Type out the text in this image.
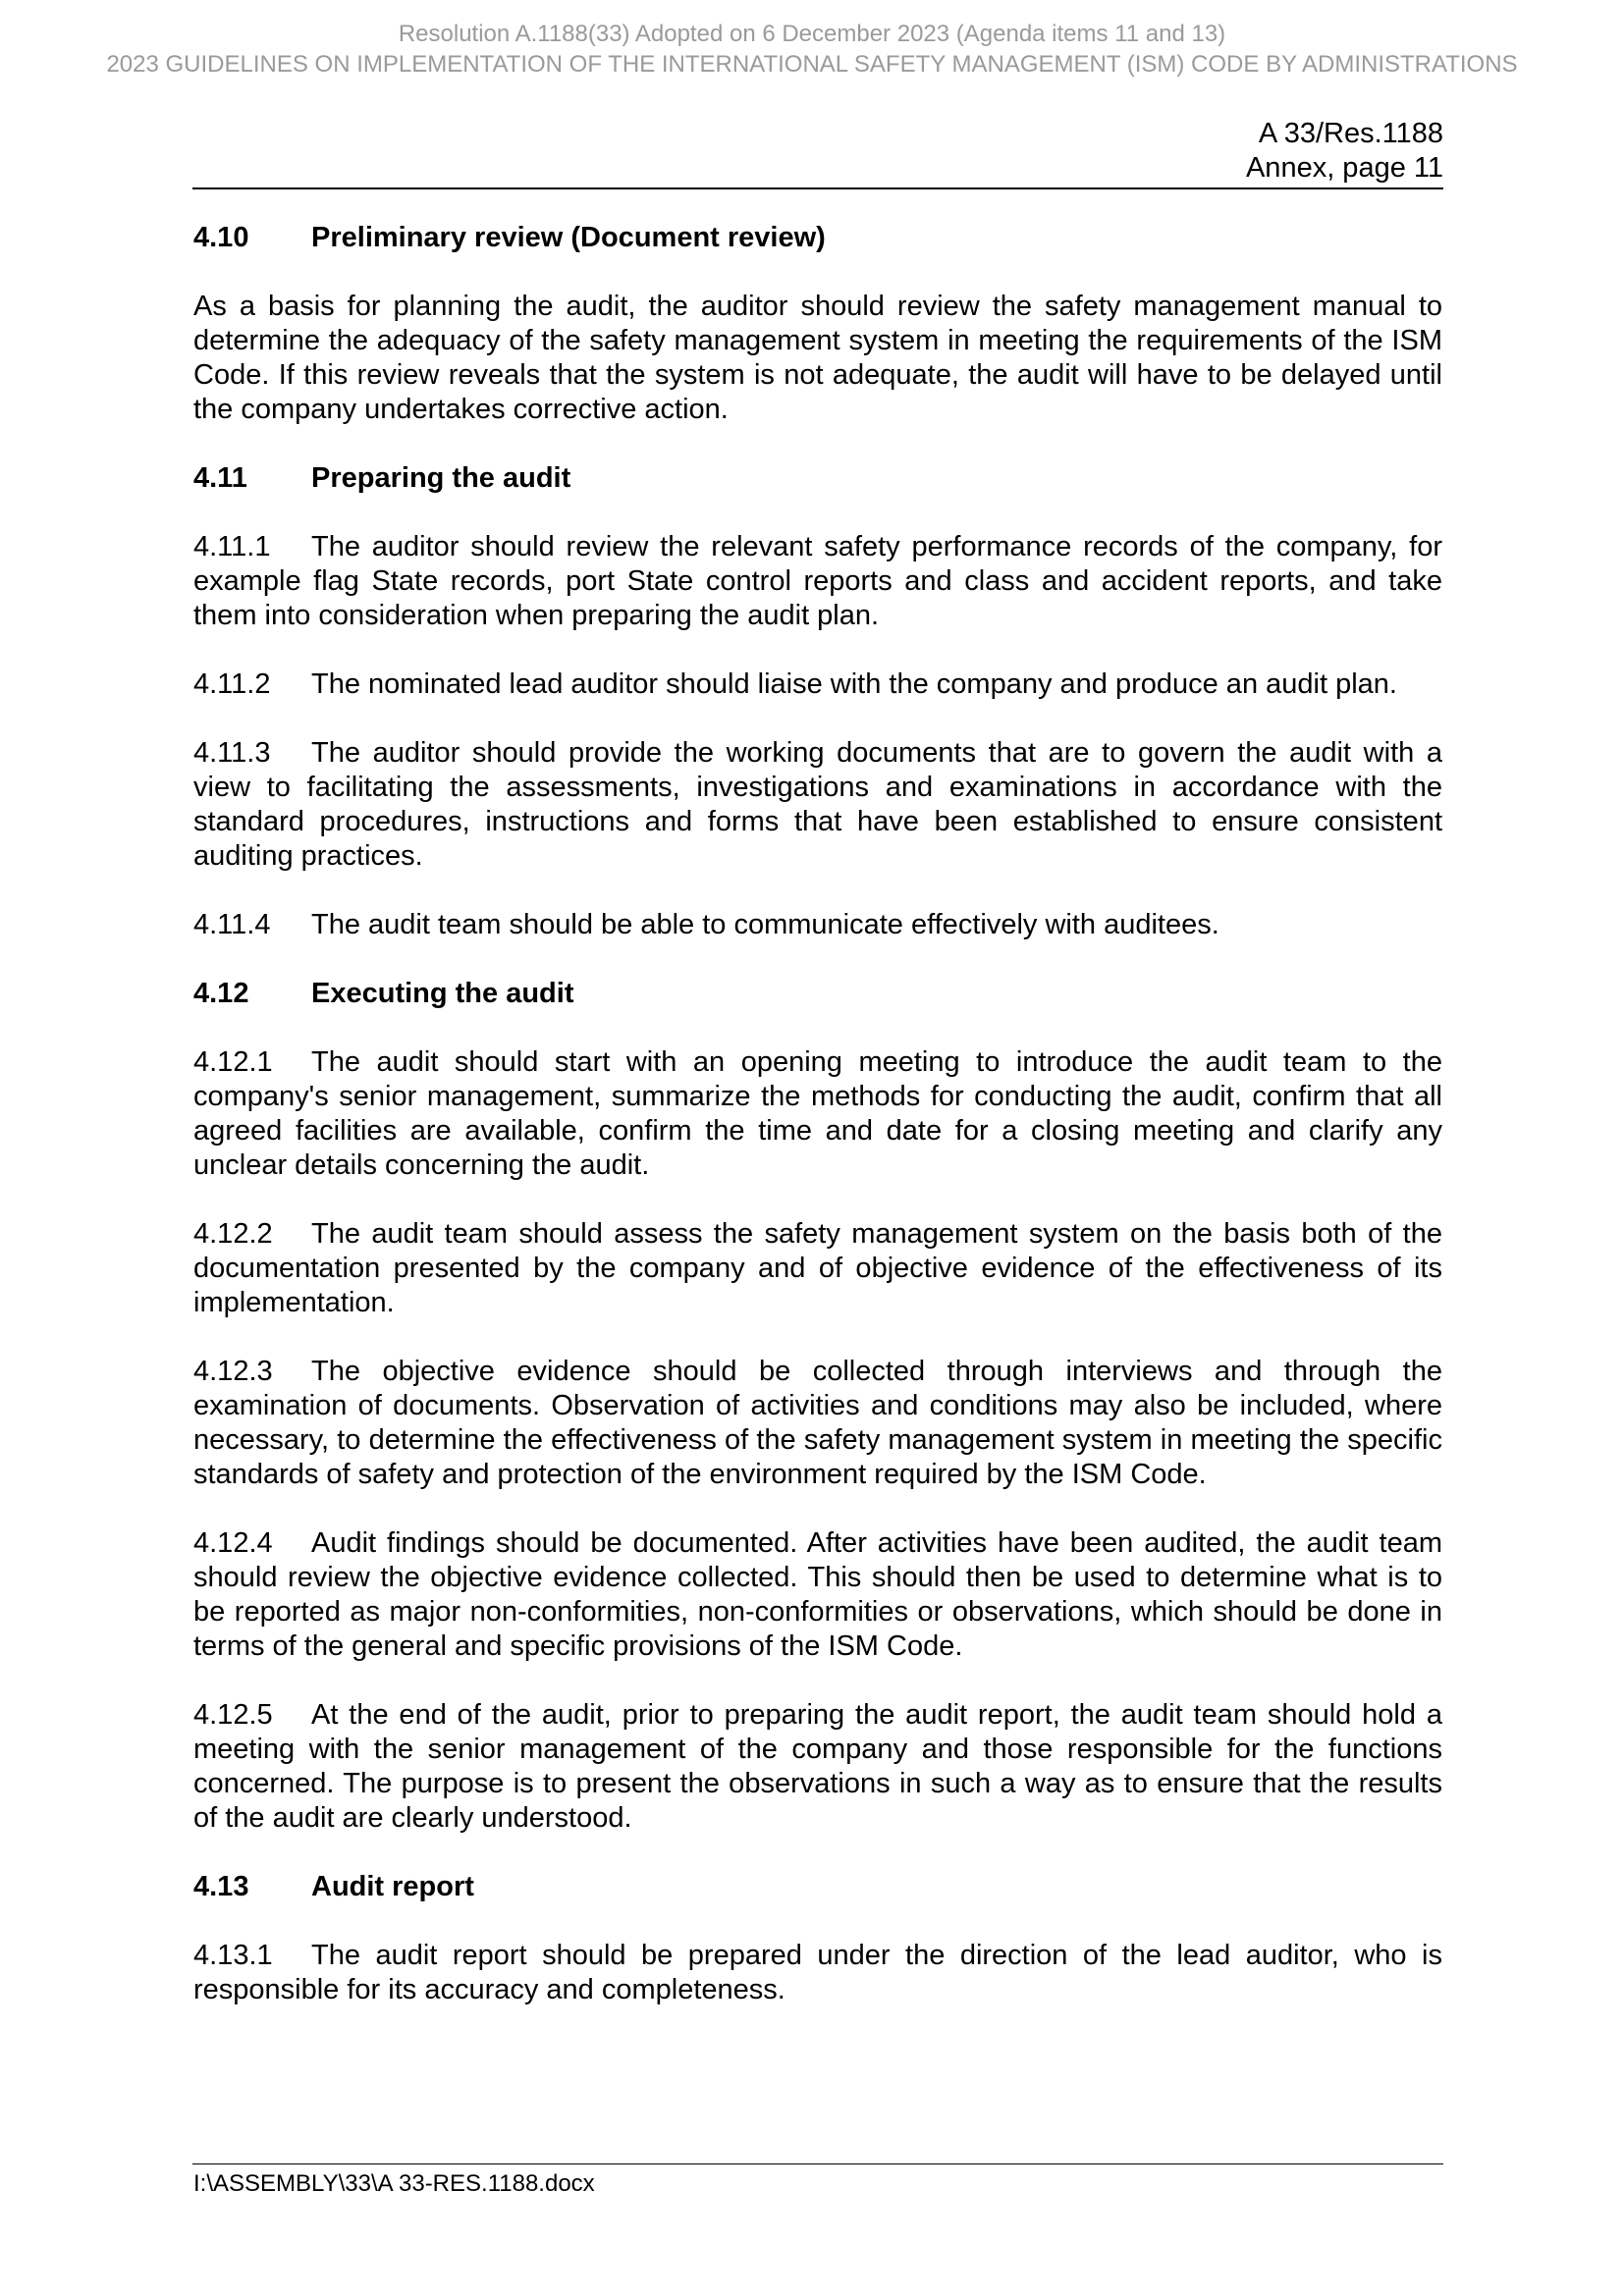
Resolution A.1188(33) Adopted on 6 December 2023 (Agenda items 11 and 13)
2023 GUIDELINES ON IMPLEMENTATION OF THE INTERNATIONAL SAFETY MANAGEMENT (ISM) CODE BY ADMINISTRATIONS
A 33/Res.1188
Annex, page 11
4.10	Preliminary review (Document review)

As a basis for planning the audit, the auditor should review the safety management manual to determine the adequacy of the safety management system in meeting the requirements of the ISM Code. If this review reveals that the system is not adequate, the audit will have to be delayed until the company undertakes corrective action.

4.11	Preparing the audit

4.11.1 The auditor should review the relevant safety performance records of the company, for example flag State records, port State control reports and class and accident reports, and take them into consideration when preparing the audit plan.

4.11.2 The nominated lead auditor should liaise with the company and produce an audit plan.

4.11.3 The auditor should provide the working documents that are to govern the audit with a view to facilitating the assessments, investigations and examinations in accordance with the standard procedures, instructions and forms that have been established to ensure consistent auditing practices.

4.11.4 The audit team should be able to communicate effectively with auditees.

4.12	Executing the audit

4.12.1 The audit should start with an opening meeting to introduce the audit team to the company's senior management, summarize the methods for conducting the audit, confirm that all agreed facilities are available, confirm the time and date for a closing meeting and clarify any unclear details concerning the audit.

4.12.2 The audit team should assess the safety management system on the basis both of the documentation presented by the company and of objective evidence of the effectiveness of its implementation.

4.12.3 The objective evidence should be collected through interviews and through the examination of documents. Observation of activities and conditions may also be included, where necessary, to determine the effectiveness of the safety management system in meeting the specific standards of safety and protection of the environment required by the ISM Code.

4.12.4 Audit findings should be documented. After activities have been audited, the audit team should review the objective evidence collected. This should then be used to determine what is to be reported as major non-conformities, non-conformities or observations, which should be done in terms of the general and specific provisions of the ISM Code.

4.12.5 At the end of the audit, prior to preparing the audit report, the audit team should hold a meeting with the senior management of the company and those responsible for the functions concerned. The purpose is to present the observations in such a way as to ensure that the results of the audit are clearly understood.

4.13	Audit report

4.13.1 The audit report should be prepared under the direction of the lead auditor, who is responsible for its accuracy and completeness.

I:\ASSEMBLY\33\A 33-RES.1188.docx
